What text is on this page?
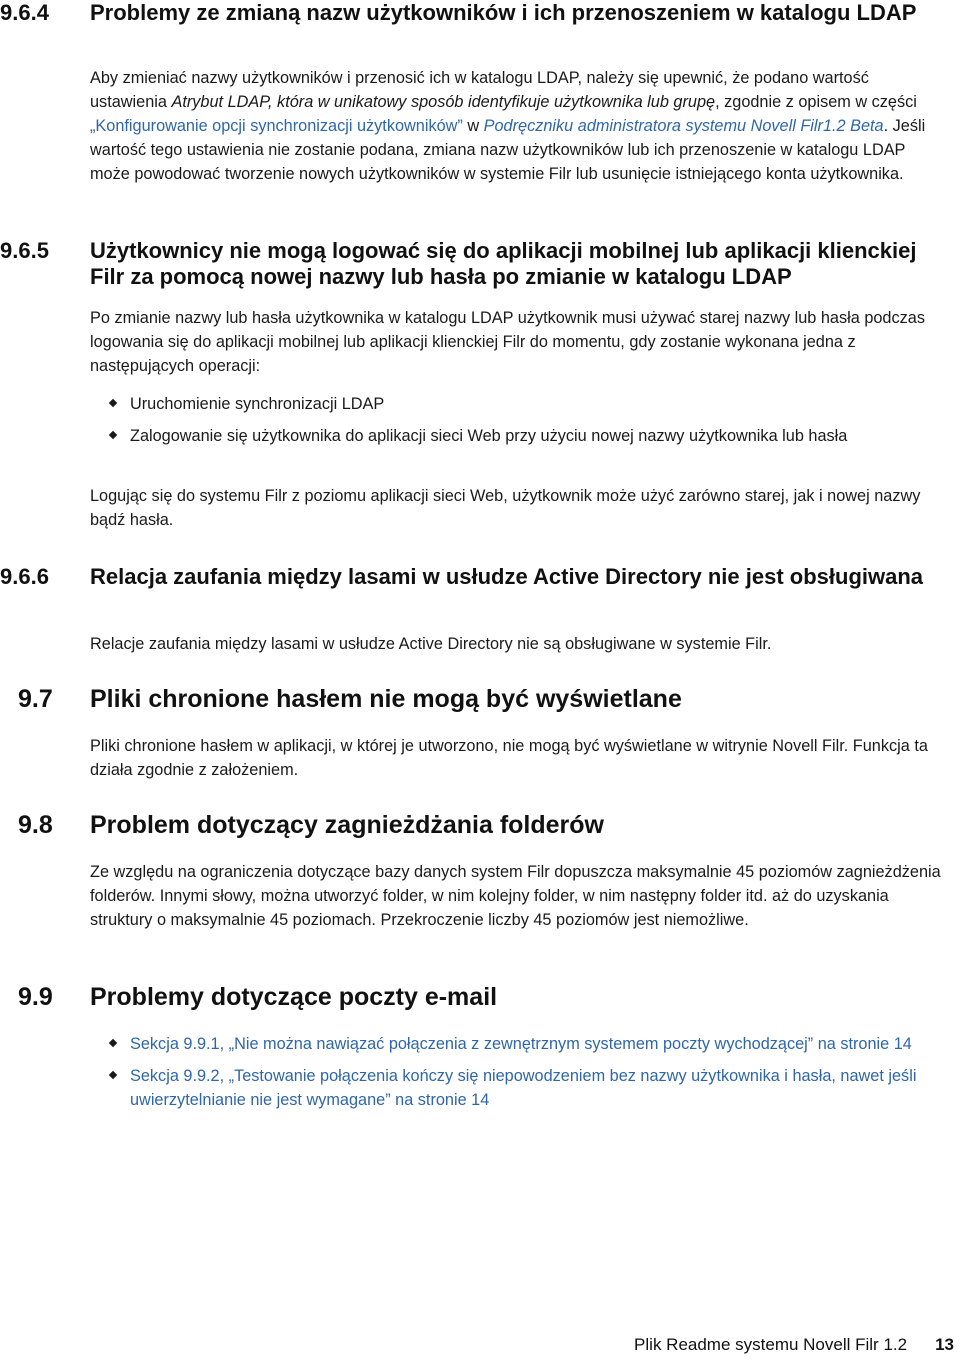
9.6.4	Problemy ze zmianą nazw użytkowników i ich przenoszeniem w katalogu LDAP

Aby zmieniać nazwy użytkowników i przenosić ich w katalogu LDAP, należy się upewnić, że podano wartość ustawienia Atrybut LDAP, która w unikatowy sposób identyfikuje użytkownika lub grupę, zgodnie z opisem w części „Konfigurowanie opcji synchronizacji użytkowników” w Podręczniku administratora systemu Novell Filr1.2 Beta. Jeśli wartość tego ustawienia nie zostanie podana, zmiana nazw użytkowników lub ich przenoszenie w katalogu LDAP może powodować tworzenie nowych użytkowników w systemie Filr lub usunięcie istniejącego konta użytkownika.

9.6.5	Użytkownicy nie mogą logować się do aplikacji mobilnej lub aplikacji klienckiej Filr za pomocą nowej nazwy lub hasła po zmianie w katalogu LDAP
Po zmianie nazwy lub hasła użytkownika w katalogu LDAP użytkownik musi używać starej nazwy lub hasła podczas logowania się do aplikacji mobilnej lub aplikacji klienckiej Filr do momentu, gdy zostanie wykonana jedna z następujących operacji:
Uruchomienie synchronizacji LDAP
Zalogowanie się użytkownika do aplikacji sieci Web przy użyciu nowej nazwy użytkownika lub hasła
Logując się do systemu Filr z poziomu aplikacji sieci Web, użytkownik może użyć zarówno starej, jak i nowej nazwy bądź hasła.
9.6.6	Relacja zaufania między lasami w usłudze Active Directory nie jest obsługiwana
Relacje zaufania między lasami w usłudze Active Directory nie są obsługiwane w systemie Filr.
9.7	Pliki chronione hasłem nie mogą być wyświetlane
Pliki chronione hasłem w aplikacji, w której je utworzono, nie mogą być wyświetlane w witrynie Novell Filr. Funkcja ta działa zgodnie z założeniem.
9.8	Problem dotyczący zagnieżdżania folderów
Ze względu na ograniczenia dotyczące bazy danych system Filr dopuszcza maksymalnie 45 poziomów zagnieżdżenia folderów. Innymi słowy, można utworzyć folder, w nim kolejny folder, w nim następny folder itd. aż do uzyskania struktury o maksymalnie 45 poziomach. Przekroczenie liczby 45 poziomów jest niemożliwe.
9.9	Problemy dotyczące poczty e-mail
Sekcja 9.9.1, „Nie można nawiązać połączenia z zewnętrznym systemem poczty wychodzącej” na stronie 14
Sekcja 9.9.2, „Testowanie połączenia kończy się niepowodzeniem bez nazwy użytkownika i hasła, nawet jeśli uwierzytelnianie nie jest wymagane” na stronie 14
Plik Readme systemu Novell Filr 1.2 13
